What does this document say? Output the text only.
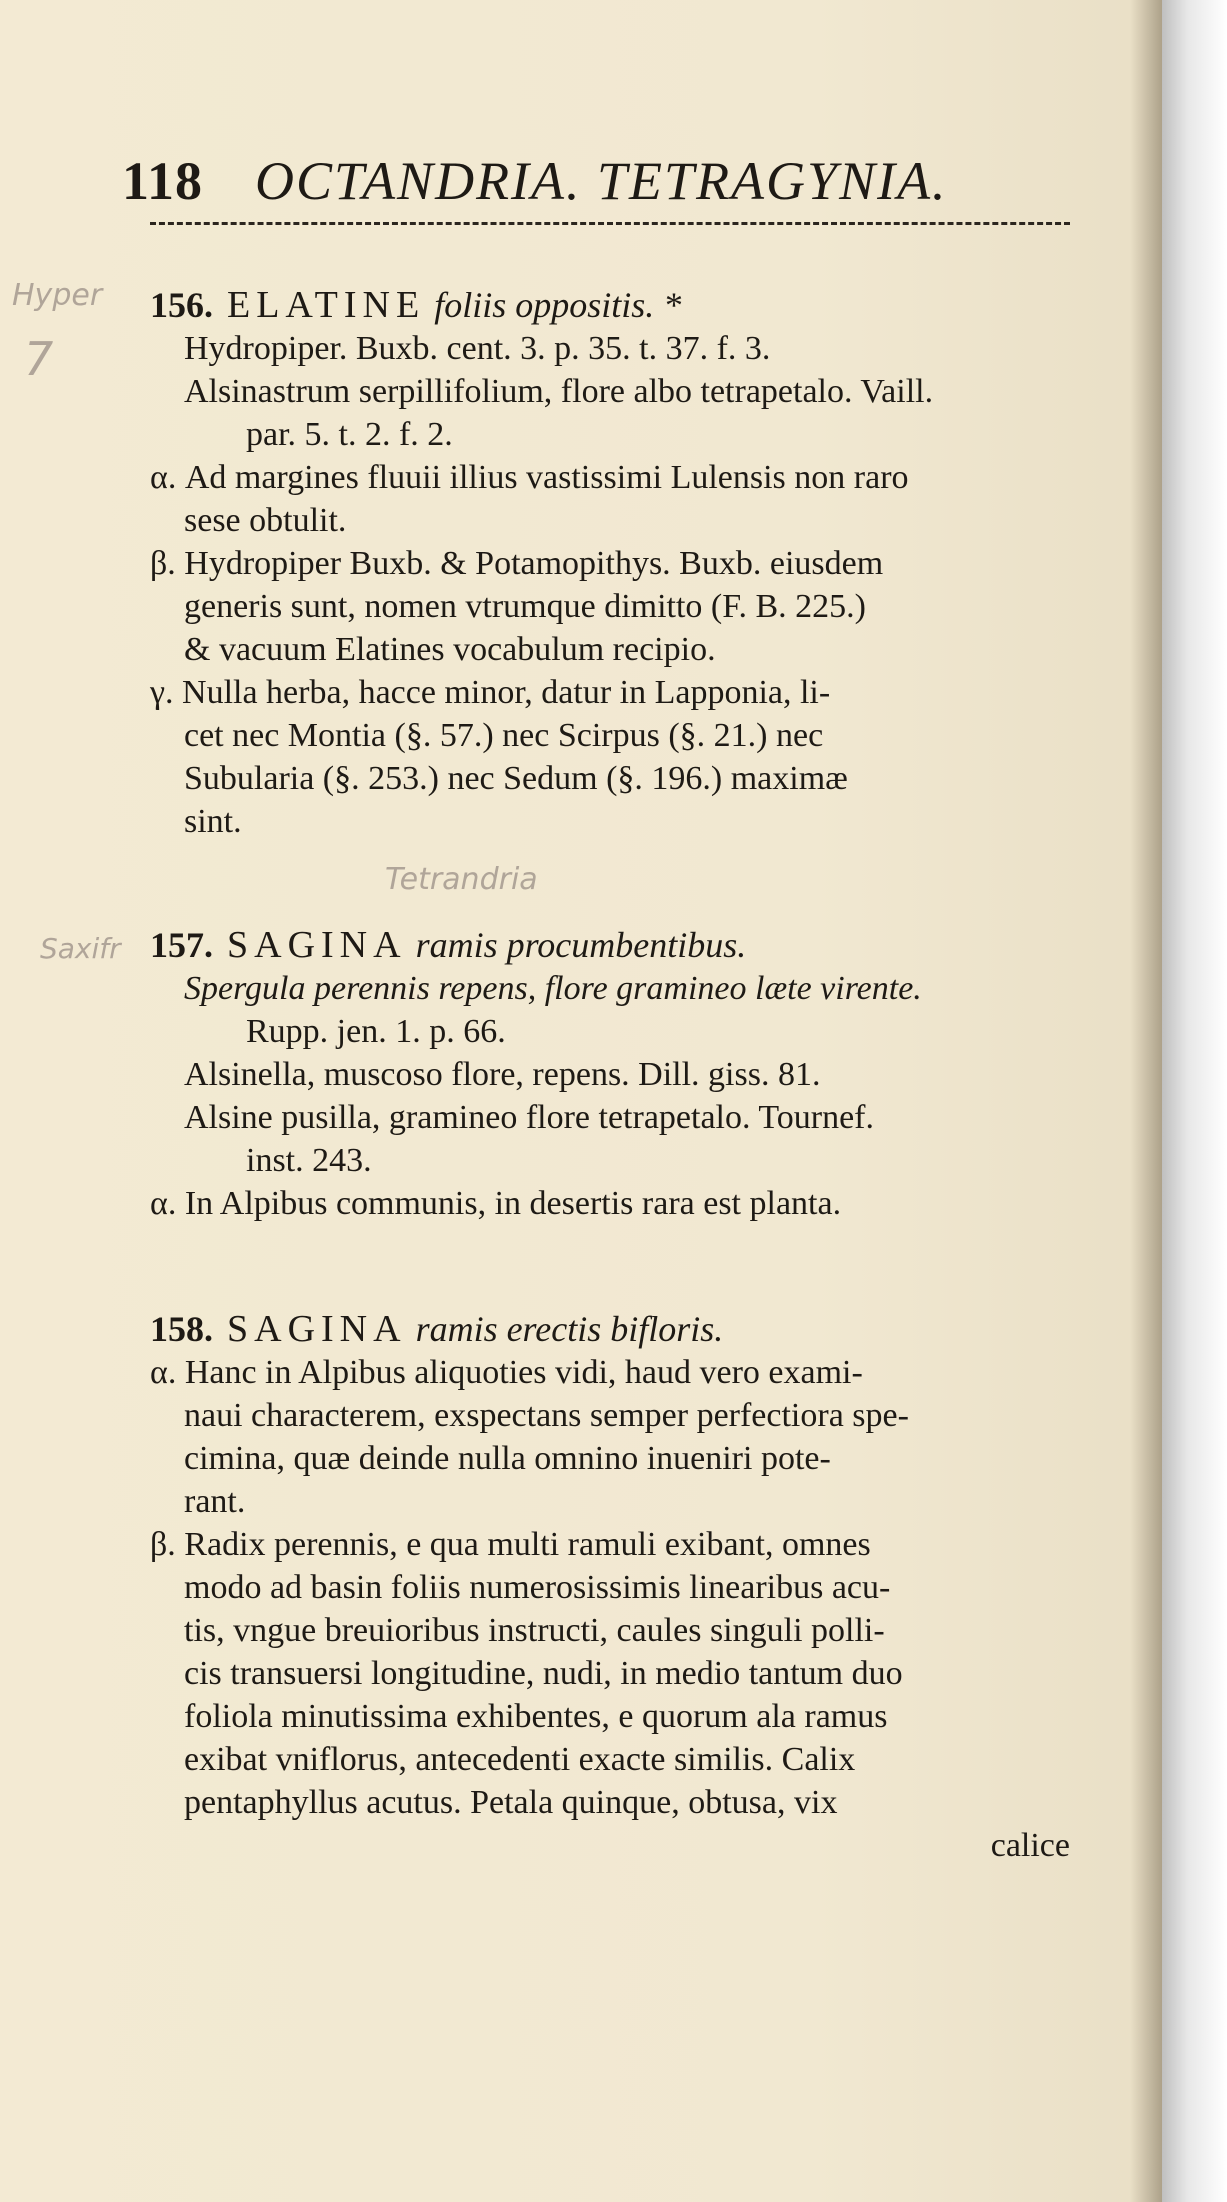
Hyper
7
Tetrandria
Saxifr
118 OCTANDRIA. TETRAGYNIA.
156. ELATINE foliis oppositis. *
Hydropiper. Buxb. cent. 3. p. 35. t. 37. f. 3.
Alsinastrum serpillifolium, flore albo tetrapetalo. Vaill.
par. 5. t. 2. f. 2.
α. Ad margines fluuii illius vastissimi Lulensis non raro
sese obtulit.
β. Hydropiper Buxb. & Potamopithys. Buxb. eiusdem
generis sunt, nomen vtrumque dimitto (F. B. 225.)
& vacuum Elatines vocabulum recipio.
γ. Nulla herba, hacce minor, datur in Lapponia, li-
cet nec Montia (§. 57.) nec Scirpus (§. 21.) nec
Subularia (§. 253.) nec Sedum (§. 196.) maximæ
sint.
157. SAGINA ramis procumbentibus.
Spergula perennis repens, flore gramineo læte virente.
Rupp. jen. 1. p. 66.
Alsinella, muscoso flore, repens. Dill. giss. 81.
Alsine pusilla, gramineo flore tetrapetalo. Tournef.
inst. 243.
α. In Alpibus communis, in desertis rara est planta.
158. SAGINA ramis erectis bifloris.
α. Hanc in Alpibus aliquoties vidi, haud vero exami-
naui characterem, exspectans semper perfectiora spe-
cimina, quæ deinde nulla omnino inueniri pote-
rant.
β. Radix perennis, e qua multi ramuli exibant, omnes
modo ad basin foliis numerosissimis linearibus acu-
tis, vngue breuioribus instructi, caules singuli polli-
cis transuersi longitudine, nudi, in medio tantum duo
foliola minutissima exhibentes, e quorum ala ramus
exibat vniflorus, antecedenti exacte similis. Calix
pentaphyllus acutus. Petala quinque, obtusa, vix
calice
